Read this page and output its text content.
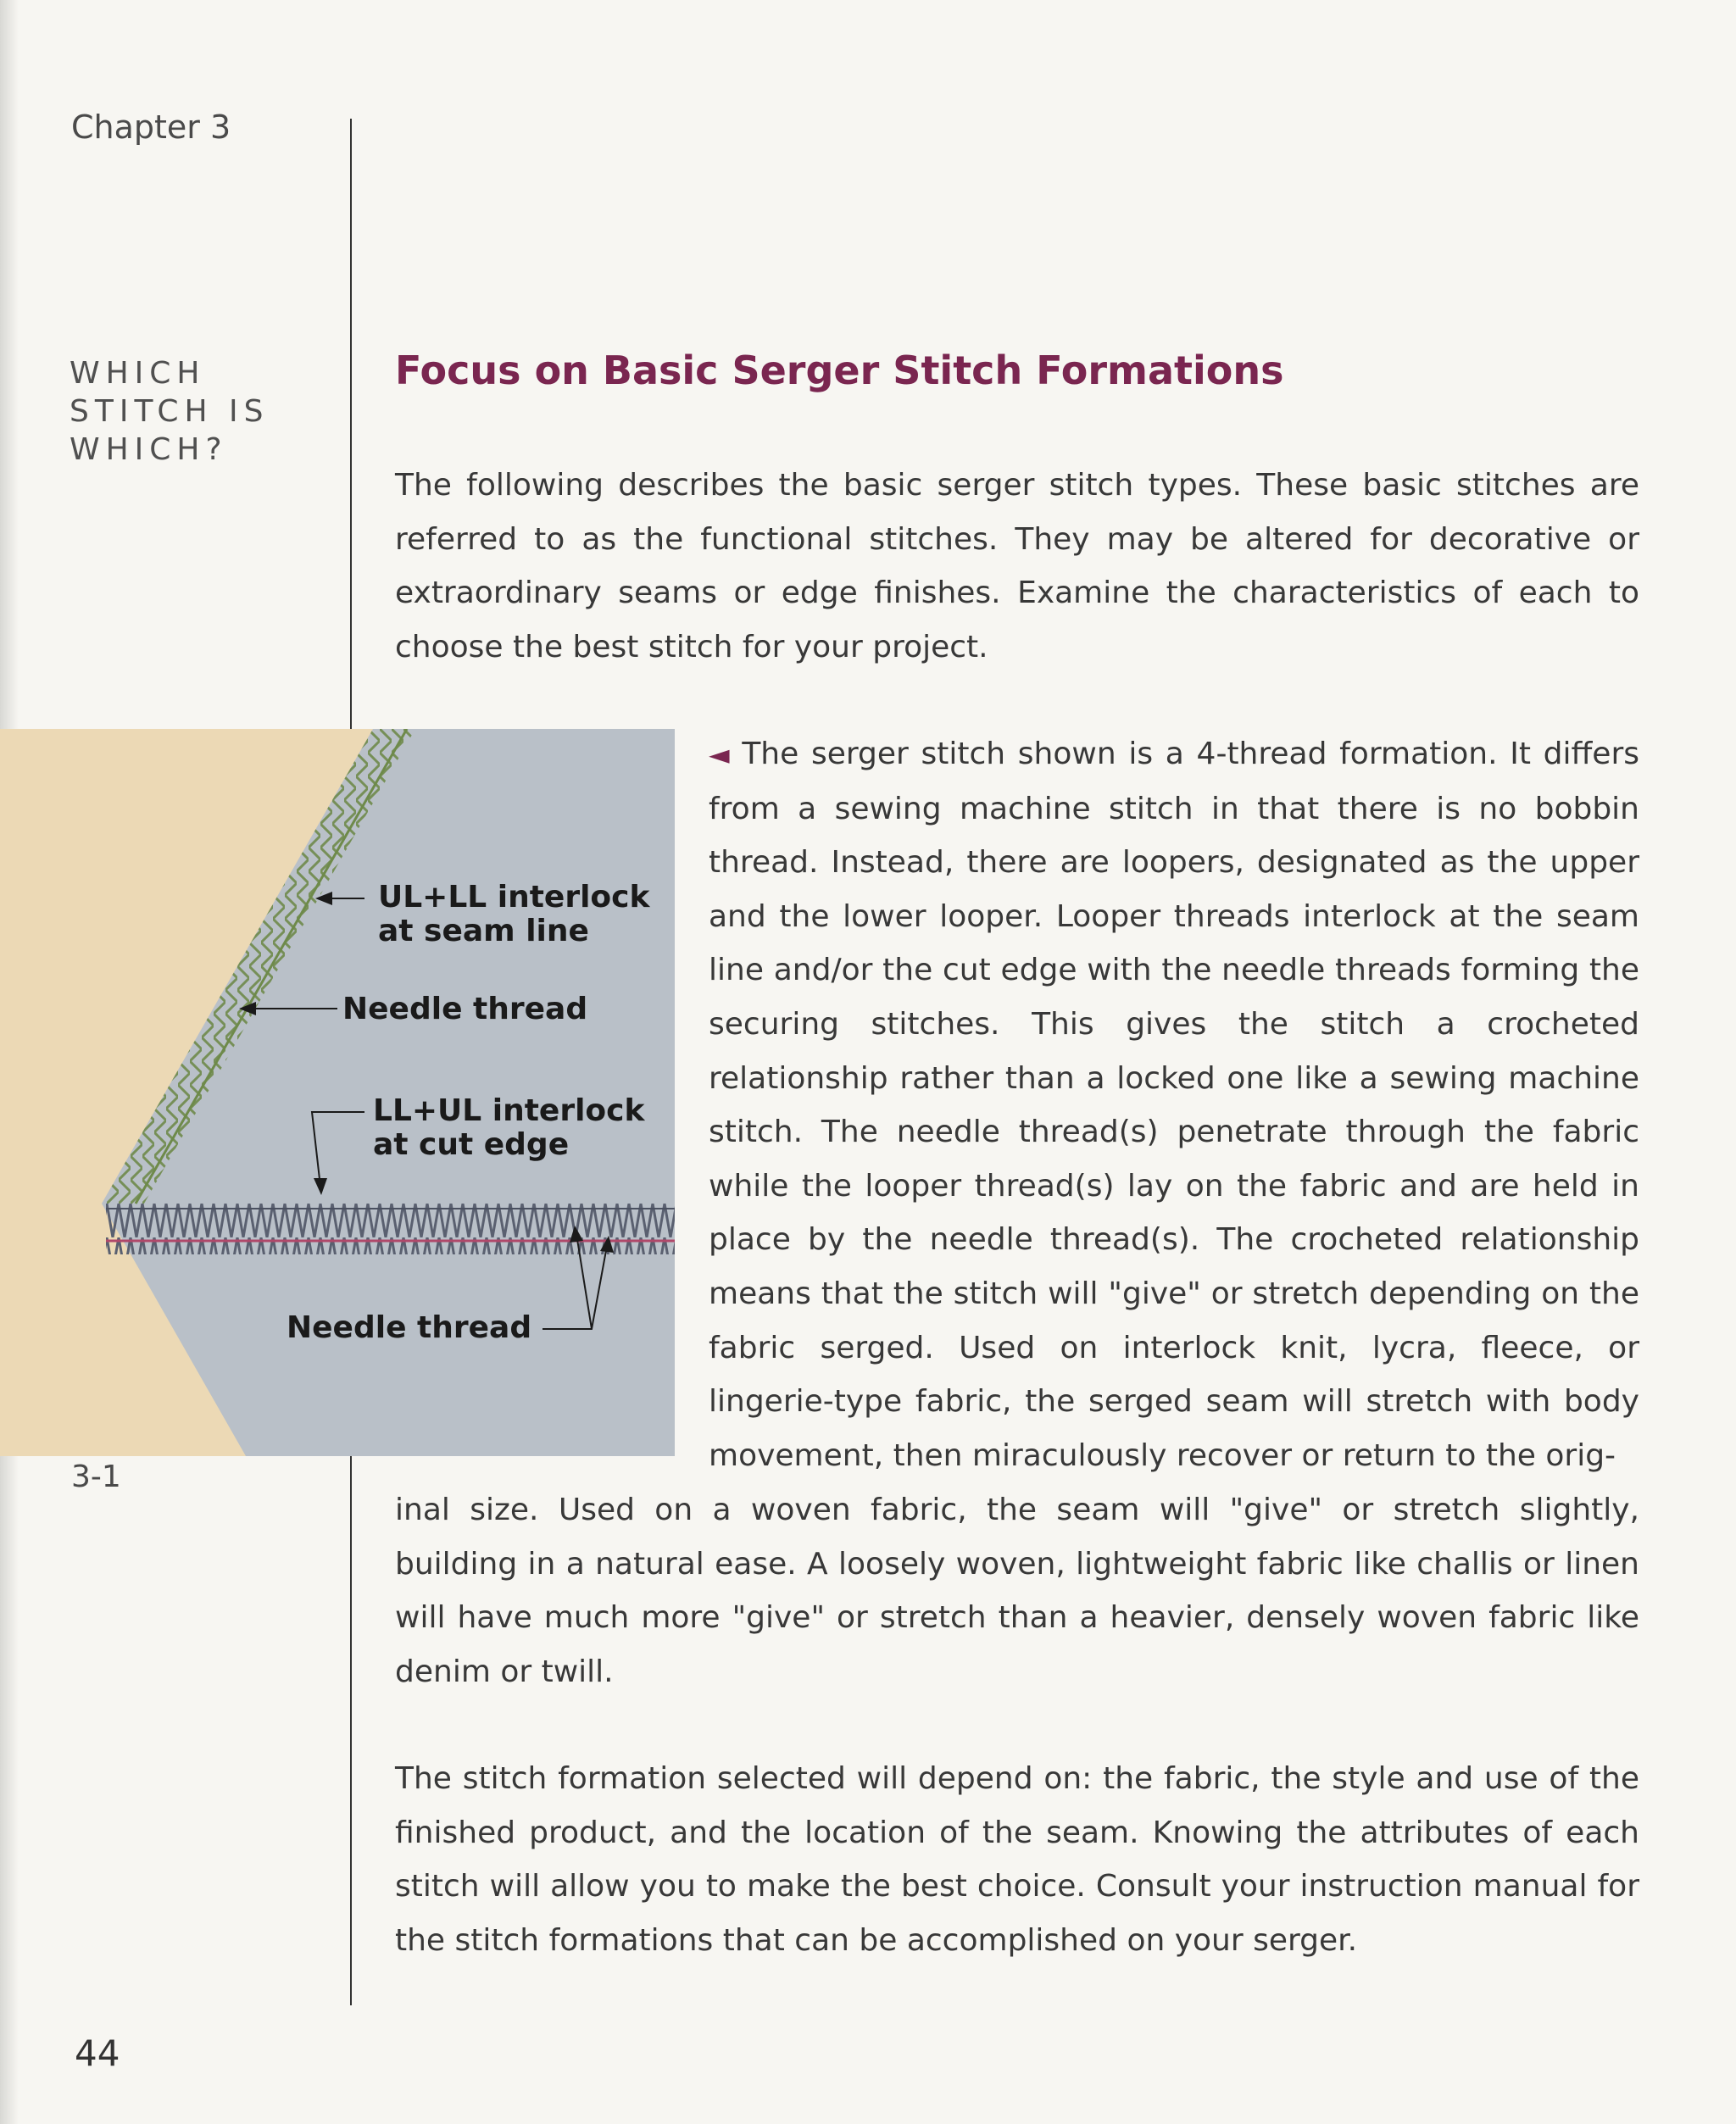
Chapter 3
WHICH
STITCH IS
WHICH?
Focus on Basic Serger Stitch Formations
The following describes the basic serger stitch types. These basic stitches are referred to as the functional stitches. They may be altered for decorative or extraordinary seams or edge finishes. Examine the characteristics of each to choose the best stitch for your project.
◄ The serger stitch shown is a 4-thread formation. It differs from a sewing machine stitch in that there is no bobbin thread. Instead, there are loopers, designated as the upper and the lower looper. Looper threads interlock at the seam line and/or the cut edge with the needle threads forming the securing stitches. This gives the stitch a crocheted relationship rather than a locked one like a sewing machine stitch. The needle thread(s) penetrate through the fabric while the looper thread(s) lay on the fabric and are held in place by the needle thread(s). The crocheted relationship means that the stitch will "give" or stretch depending on the fabric serged. Used on interlock knit, lycra, fleece, or lingerie-type fabric, the serged seam will stretch with body movement, then miraculously recover or return to the orig-
inal size. Used on a woven fabric, the seam will "give" or stretch slightly, building in a natural ease. A loosely woven, lightweight fabric like challis or linen will have much more "give" or stretch than a heavier, densely woven fabric like denim or twill.
The stitch formation selected will depend on: the fabric, the style and use of the finished product, and the location of the seam. Knowing the attributes of each stitch will allow you to make the best choice. Consult your instruction manual for the stitch formations that can be accomplished on your serger.
UL+LL interlock
at seam line
Needle thread
LL+UL interlock
at cut edge
Needle thread
3-1
44
